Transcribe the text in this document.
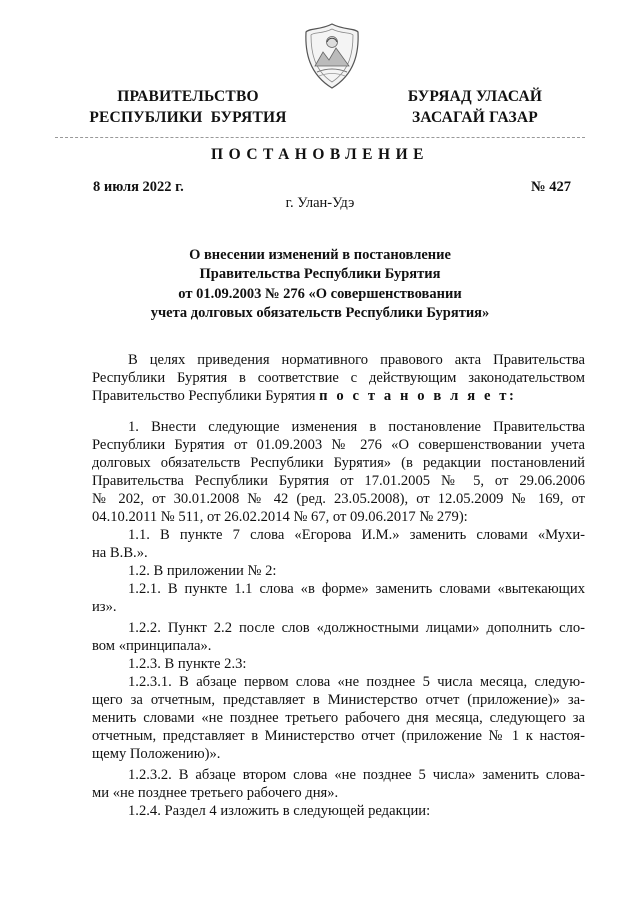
ПРАВИТЕЛЬСТВО
РЕСПУБЛИКИ  БУРЯТИЯ
БУРЯАД УЛАСАЙ
ЗАСАГАЙ ГАЗАР
ПОСТАНОВЛЕНИЕ
8 июля 2022 г.	№ 427
г. Улан-Удэ
О внесении изменений в постановление
Правительства Республики Бурятия
от 01.09.2003 № 276 «О совершенствовании
учета долговых обязательств Республики Бурятия»
В целях приведения нормативного правового акта Правительства
Республики Бурятия в соответствие с действующим законодательством
Правительство Республики Бурятия п о с т а н о в л я е т:
1. Внести следующие изменения в постановление Правительства
Республики Бурятия от 01.09.2003 № 276 «О совершенствовании учета
долговых обязательств Республики Бурятия» (в редакции постановлений
Правительства Республики Бурятия от 17.01.2005 № 5, от 29.06.2006
№ 202, от 30.01.2008 № 42 (ред. 23.05.2008), от 12.05.2009 № 169, от
04.10.2011 № 511, от 26.02.2014 № 67, от 09.06.2017 № 279):
1.1. В пункте 7 слова «Егорова И.М.» заменить словами «Мухи-
на В.В.».
1.2. В приложении № 2:
1.2.1. В пункте 1.1 слова «в форме» заменить словами «вытекающих
из».
1.2.2. Пункт 2.2 после слов «должностными лицами» дополнить сло-
вом «принципала».
1.2.3. В пункте 2.3:
1.2.3.1. В абзаце первом слова «не позднее 5 числа месяца, следую-
щего за отчетным, представляет в Министерство отчет (приложение)» за-
менить словами «не позднее третьего рабочего дня месяца, следующего за
отчетным, представляет в Министерство отчет (приложение № 1 к настоя-
щему Положению)».
1.2.3.2. В абзаце втором слова «не позднее 5 числа» заменить слова-
ми «не позднее третьего рабочего дня».
1.2.4. Раздел 4 изложить в следующей редакции:
